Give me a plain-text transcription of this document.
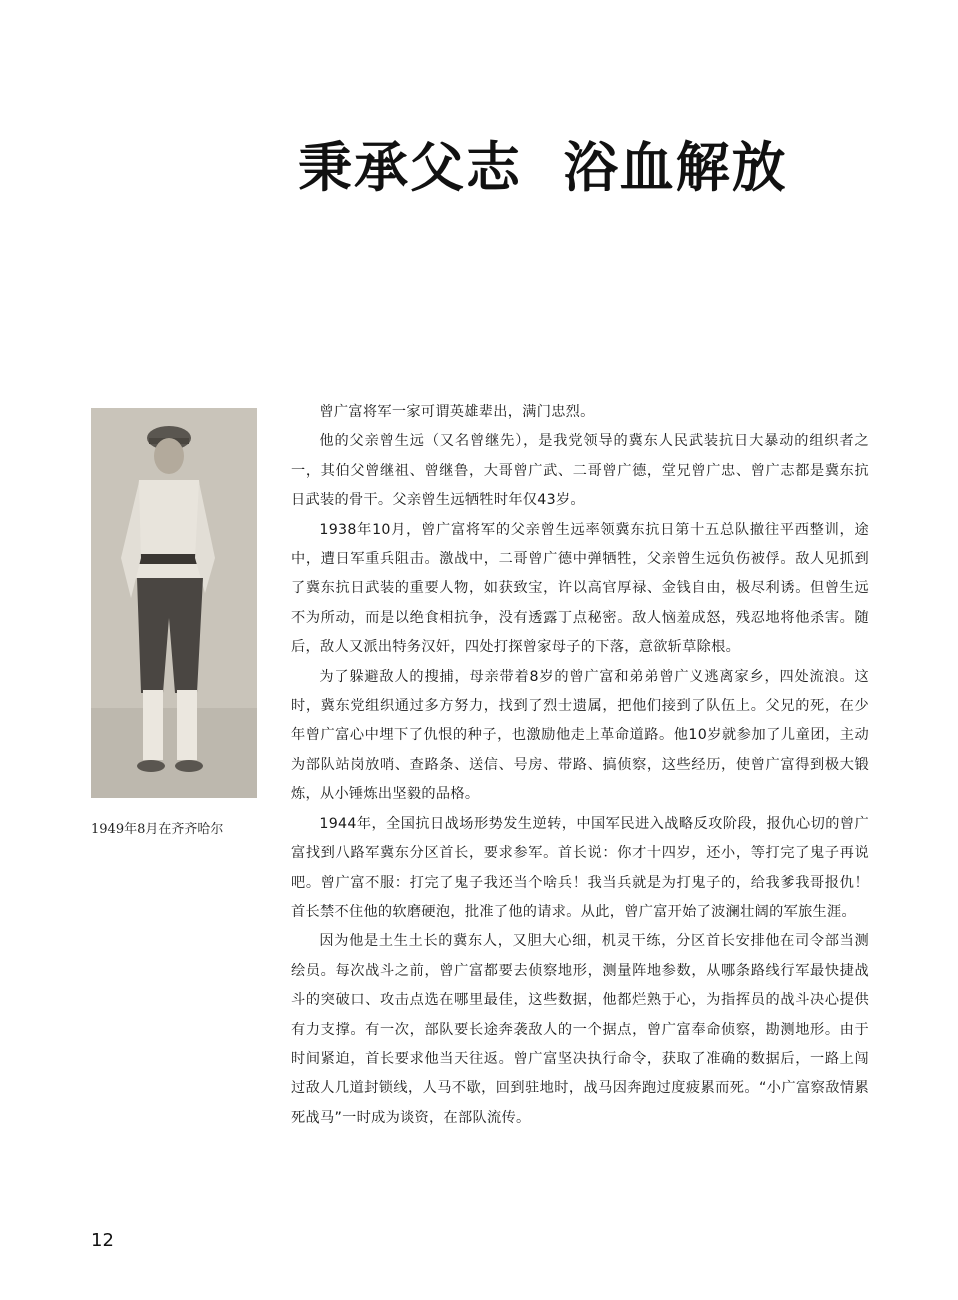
秉承父志  浴血解放

1949年8月在齐齐哈尔

曾广富将军一家可谓英雄辈出，满门忠烈。

他的父亲曾生远（又名曾继先），是我党领导的冀东人民武装抗日大暴动的组织者之一，其伯父曾继祖、曾继鲁，大哥曾广武、二哥曾广德，堂兄曾广忠、曾广志都是冀东抗日武装的骨干。父亲曾生远牺牲时年仅43岁。

1938年10月，曾广富将军的父亲曾生远率领冀东抗日第十五总队撤往平西整训，途中，遭日军重兵阻击。激战中，二哥曾广德中弹牺牲，父亲曾生远负伤被俘。敌人见抓到了冀东抗日武装的重要人物，如获致宝，许以高官厚禄、金钱自由，极尽利诱。但曾生远不为所动，而是以绝食相抗争，没有透露丁点秘密。敌人恼羞成怒，残忍地将他杀害。随后，敌人又派出特务汉奸，四处打探曾家母子的下落，意欲斩草除根。

为了躲避敌人的搜捕，母亲带着8岁的曾广富和弟弟曾广义逃离家乡，四处流浪。这时，冀东党组织通过多方努力，找到了烈士遗属，把他们接到了队伍上。父兄的死，在少年曾广富心中埋下了仇恨的种子，也激励他走上革命道路。他10岁就参加了儿童团，主动为部队站岗放哨、查路条、送信、号房、带路、搞侦察，这些经历，使曾广富得到极大锻炼，从小锤炼出坚毅的品格。

1944年，全国抗日战场形势发生逆转，中国军民进入战略反攻阶段，报仇心切的曾广富找到八路军冀东分区首长，要求参军。首长说：你才十四岁，还小，等打完了鬼子再说吧。曾广富不服：打完了鬼子我还当个啥兵！我当兵就是为打鬼子的，给我爹我哥报仇！首长禁不住他的软磨硬泡，批准了他的请求。从此，曾广富开始了波澜壮阔的军旅生涯。

因为他是土生土长的冀东人，又胆大心细，机灵干练，分区首长安排他在司令部当测绘员。每次战斗之前，曾广富都要去侦察地形，测量阵地参数，从哪条路线行军最快捷战斗的突破口、攻击点选在哪里最佳，这些数据，他都烂熟于心，为指挥员的战斗决心提供有力支撑。有一次，部队要长途奔袭敌人的一个据点，曾广富奉命侦察，勘测地形。由于时间紧迫，首长要求他当天往返。曾广富坚决执行命令，获取了准确的数据后，一路上闯过敌人几道封锁线，人马不歇，回到驻地时，战马因奔跑过度疲累而死。“小广富察敌情累死战马”一时成为谈资，在部队流传。

12
